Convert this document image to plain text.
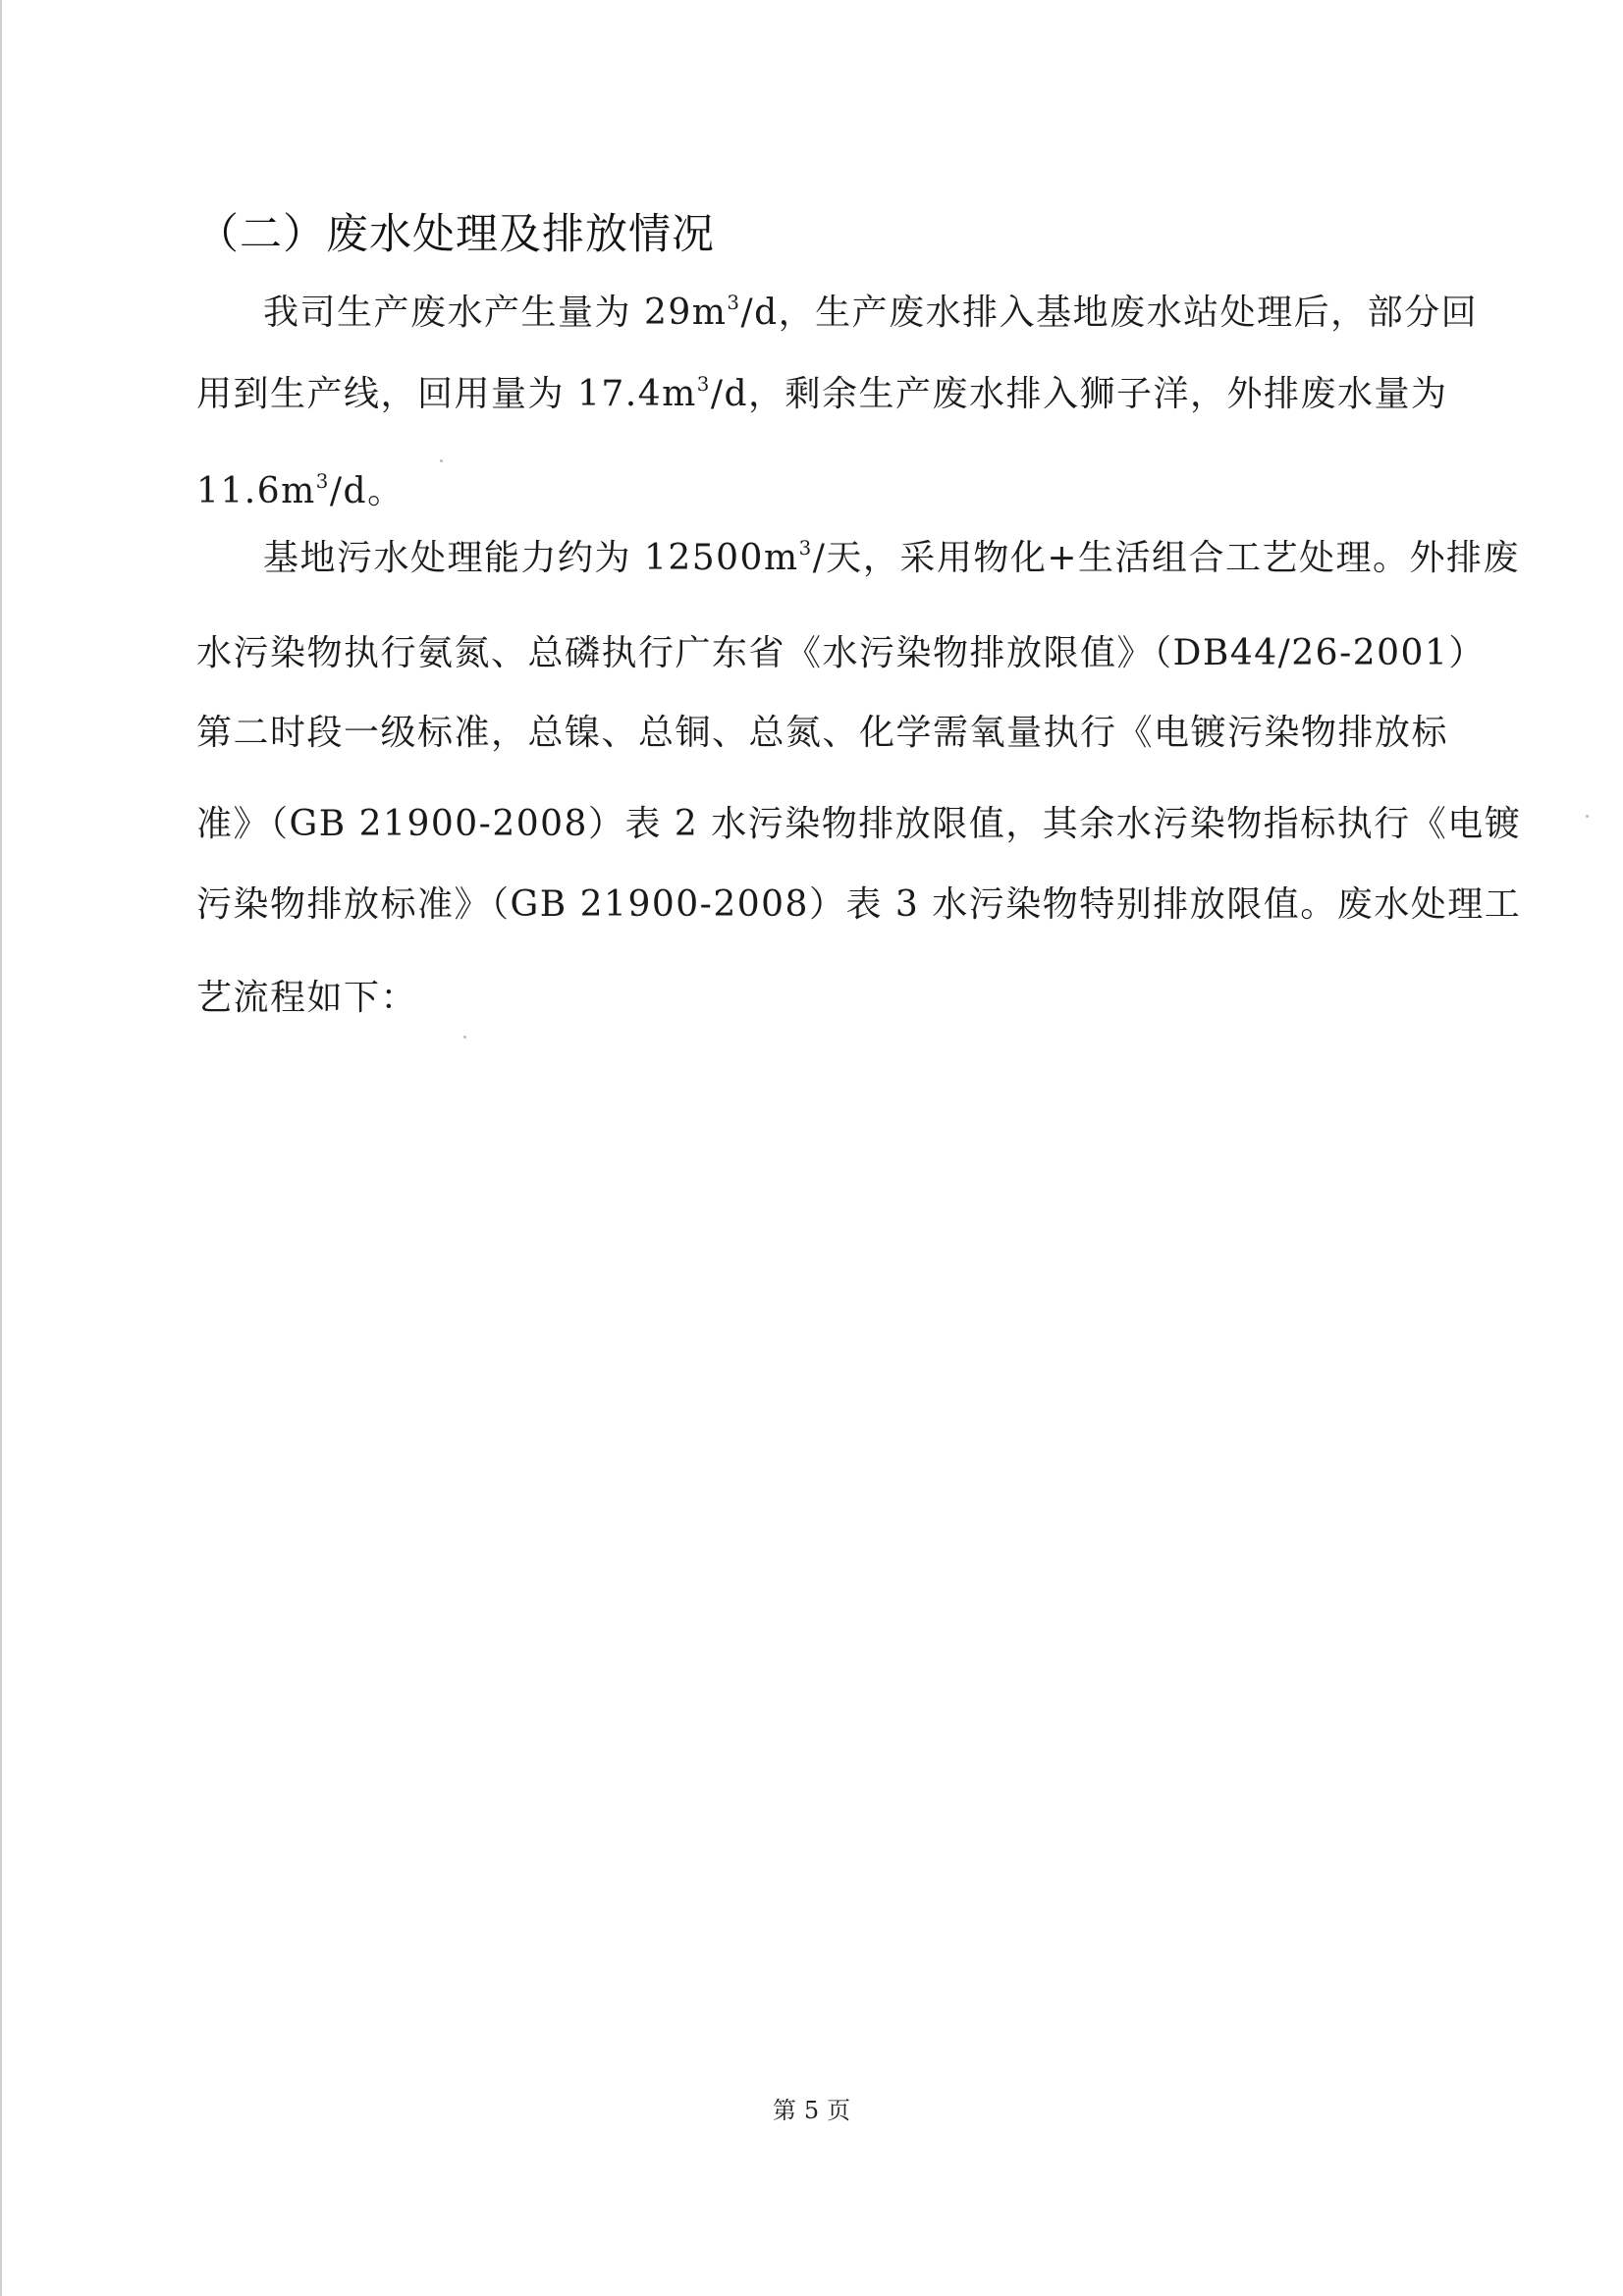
（二）废水处理及排放情况
我司生产废水产生量为 $29m^3/d$，生产废水排入基地废水站处理后，部分回
用到生产线，回用量为 $17.4m^3/d$，剩余生产废水排入狮子洋，外排废水量为
$11.6m^3/d$。
基地污水处理能力约为 $12500m^3/$天，采用物化+生活组合工艺处理。外排废
水污染物执行氨氮、总磷执行广东省《水污染物排放限值》（DB44/26-2001）
第二时段一级标准，总镍、总铜、总氮、化学需氧量执行《电镀污染物排放标
准》（GB 21900-2008）表 2 水污染物排放限值，其余水污染物指标执行《电镀
污染物排放标准》（GB 21900-2008）表 3 水污染物特别排放限值。废水处理工
艺流程如下：
第 5 页
